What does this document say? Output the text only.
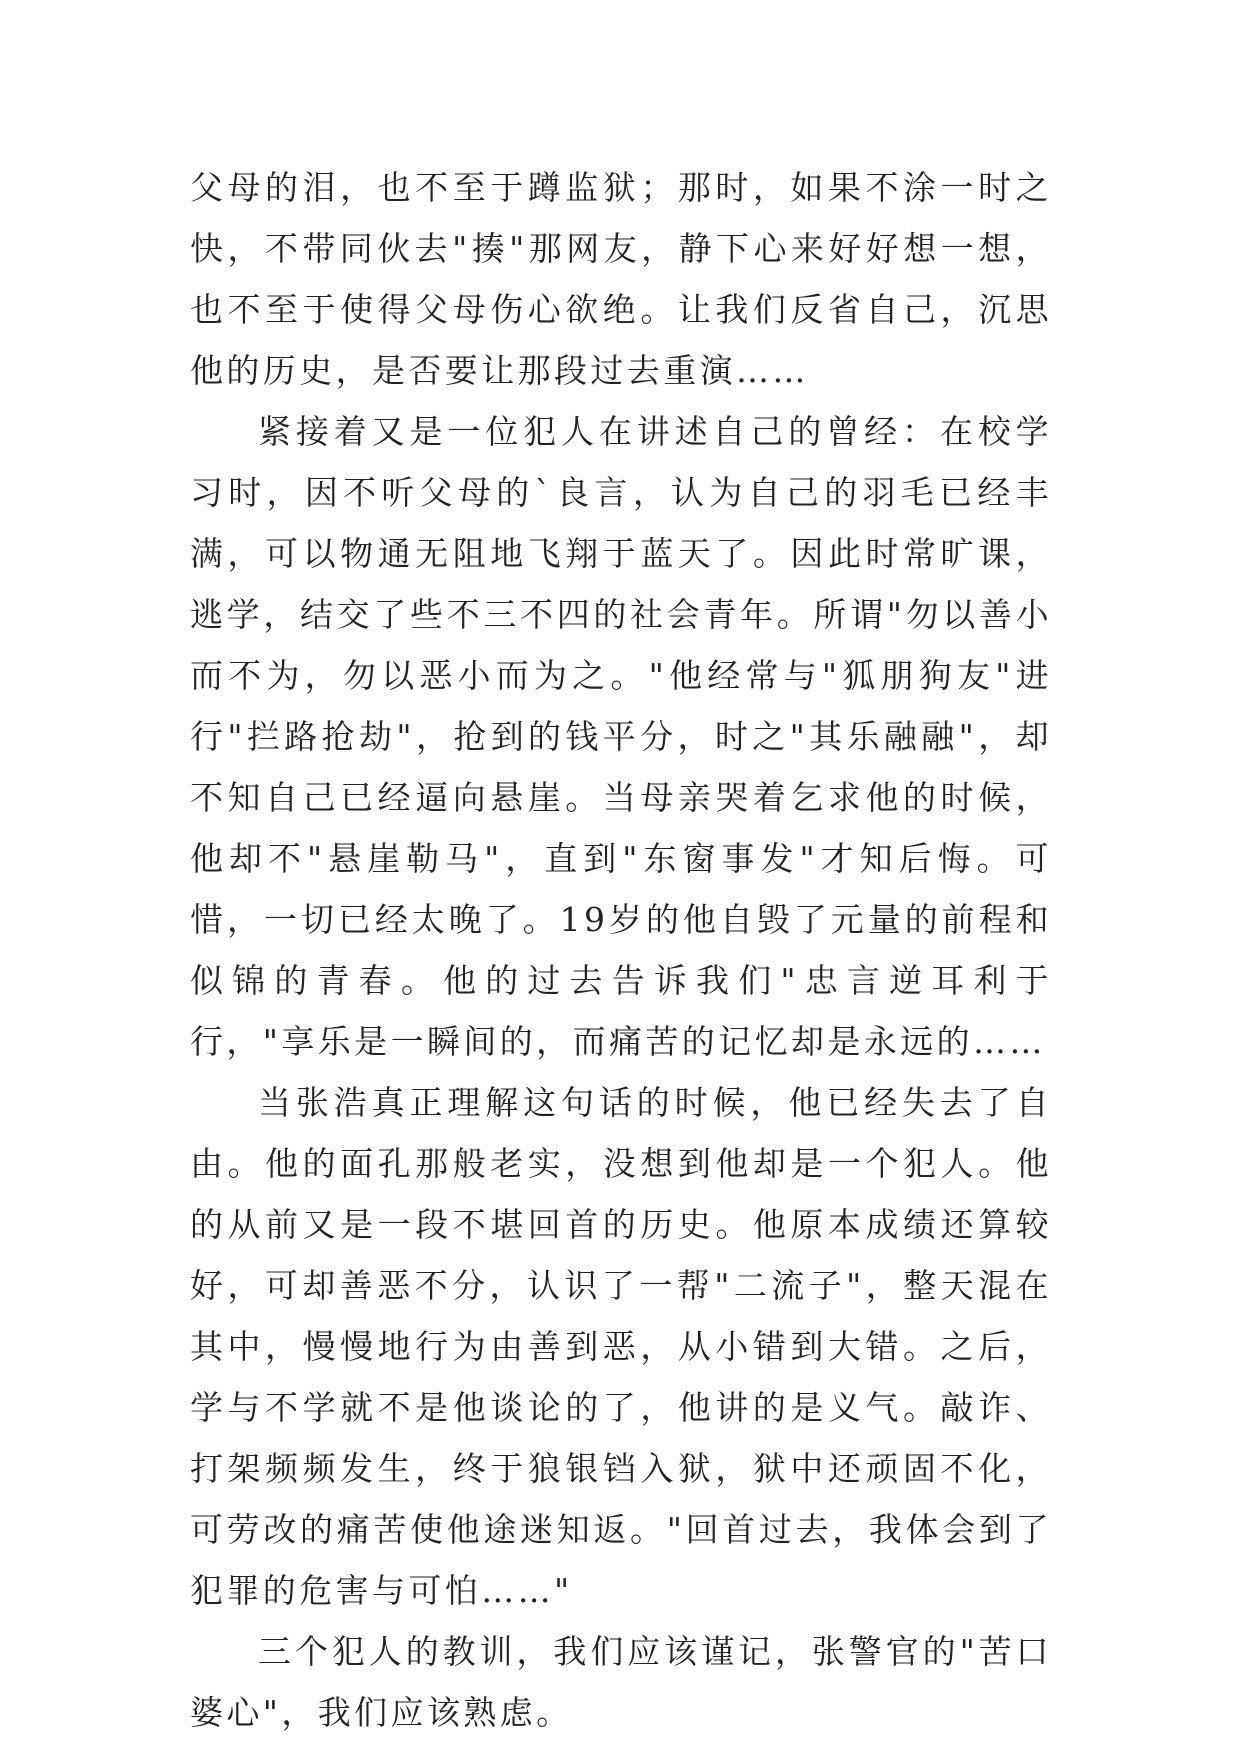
父母的泪，也不至于蹲监狱；那时，如果不涂一时之快，不带同伙去"揍"那网友，静下心来好好想一想，也不至于使得父母伤心欲绝。让我们反省自己，沉思他的历史，是否要让那段过去重演……

紧接着又是一位犯人在讲述自己的曾经：在校学习时，因不听父母的`良言，认为自己的羽毛已经丰满，可以物通无阻地飞翔于蓝天了。因此时常旷课，逃学，结交了些不三不四的社会青年。所谓"勿以善小而不为，勿以恶小而为之。"他经常与"狐朋狗友"进行"拦路抢劫"，抢到的钱平分，时之"其乐融融"，却不知自己已经逼向悬崖。当母亲哭着乞求他的时候，他却不"悬崖勒马"，直到"东窗事发"才知后悔。可惜，一切已经太晚了。19岁的他自毁了元量的前程和似锦的青春。他的过去告诉我们"忠言逆耳利于行，"享乐是一瞬间的，而痛苦的记忆却是永远的……

当张浩真正理解这句话的时候，他已经失去了自由。他的面孔那般老实，没想到他却是一个犯人。他的从前又是一段不堪回首的历史。他原本成绩还算较好，可却善恶不分，认识了一帮"二流子"，整天混在其中，慢慢地行为由善到恶，从小错到大错。之后，学与不学就不是他谈论的了，他讲的是义气。敲诈、打架频频发生，终于狼银铛入狱，狱中还顽固不化，可劳改的痛苦使他途迷知返。"回首过去，我体会到了犯罪的危害与可怕……"

三个犯人的教训，我们应该谨记，张警官的"苦口婆心"，我们应该熟虑。
